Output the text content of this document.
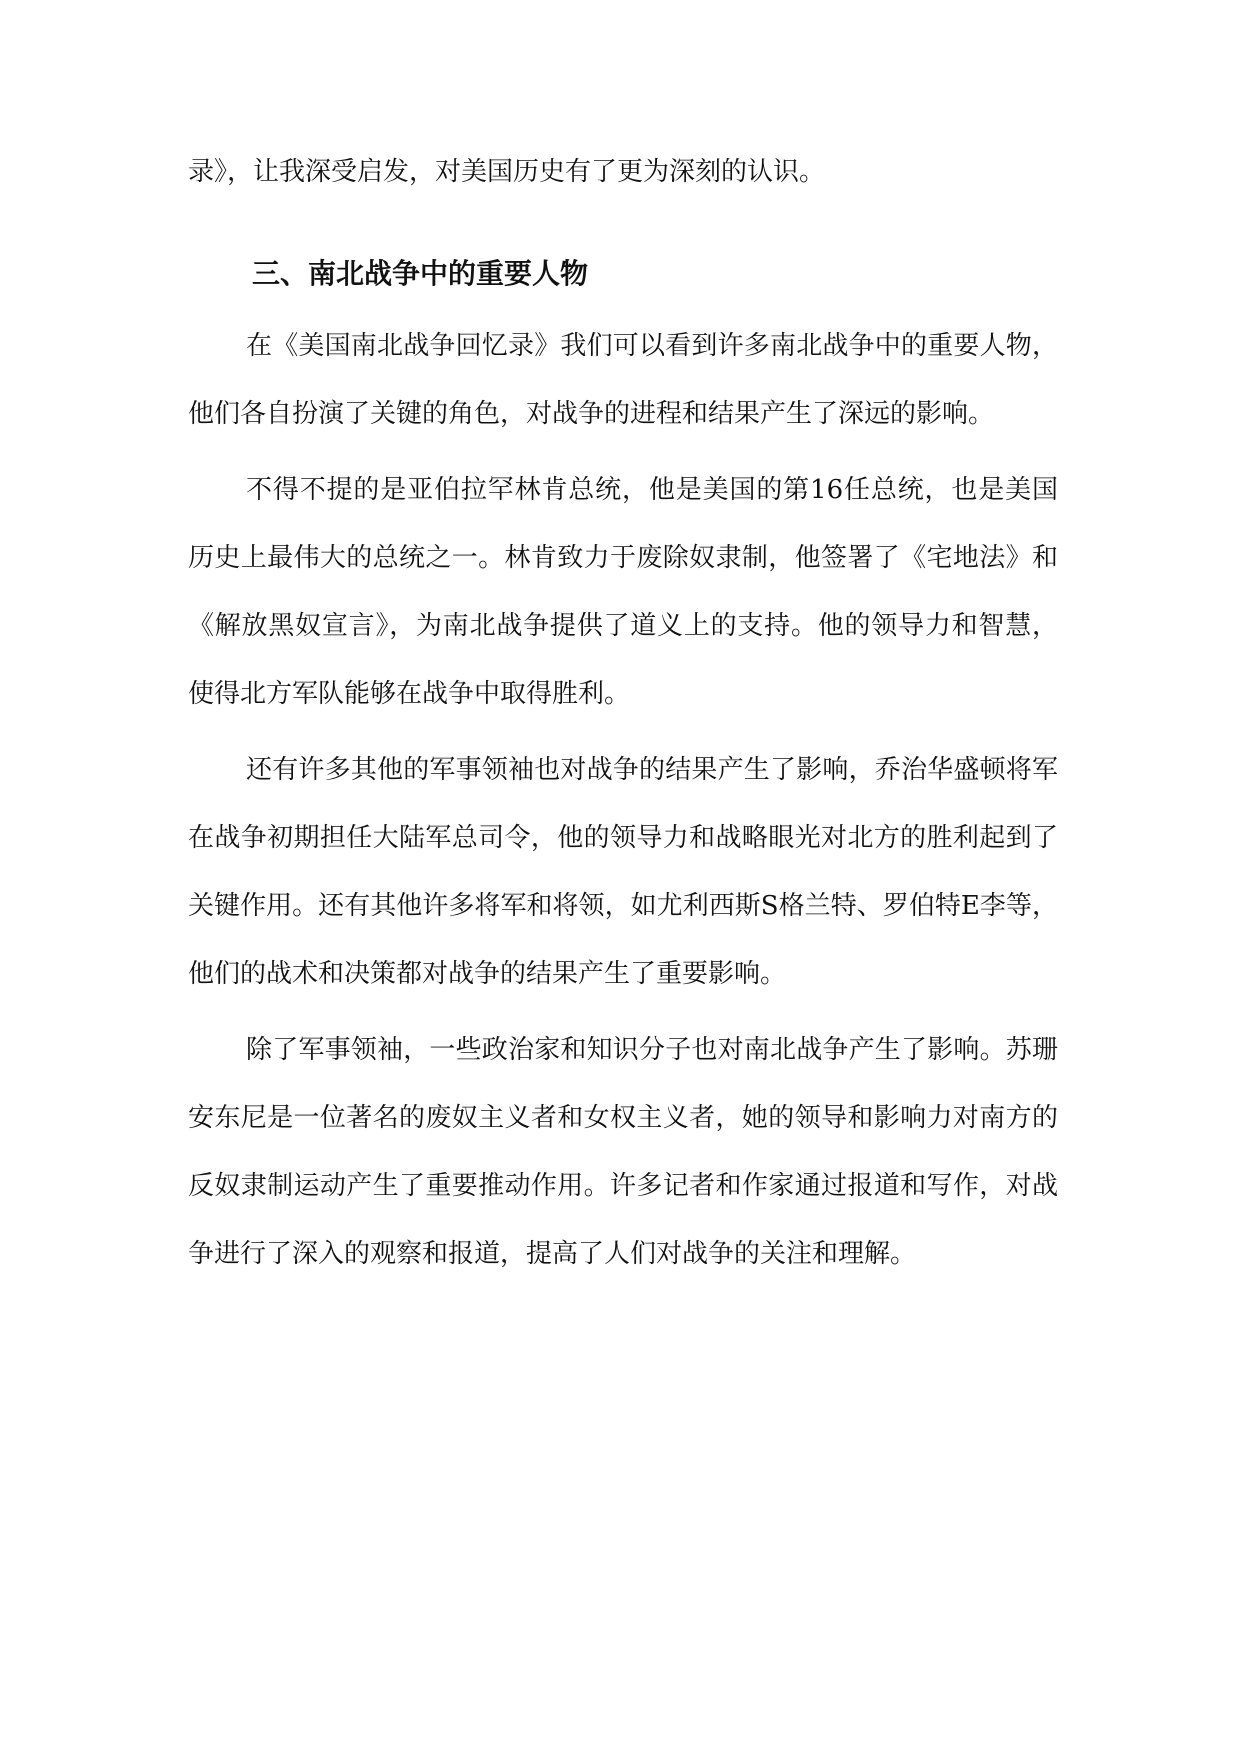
录》，让我深受启发，对美国历史有了更为深刻的认识。

三、南北战争中的重要人物

在《美国南北战争回忆录》我们可以看到许多南北战争中的重要人物，他们各自扮演了关键的角色，对战争的进程和结果产生了深远的影响。

不得不提的是亚伯拉罕林肯总统，他是美国的第16任总统，也是美国历史上最伟大的总统之一。林肯致力于废除奴隶制，他签署了《宅地法》和《解放黑奴宣言》，为南北战争提供了道义上的支持。他的领导力和智慧，使得北方军队能够在战争中取得胜利。

还有许多其他的军事领袖也对战争的结果产生了影响，乔治华盛顿将军在战争初期担任大陆军总司令，他的领导力和战略眼光对北方的胜利起到了关键作用。还有其他许多将军和将领，如尤利西斯S格兰特、罗伯特E李等，他们的战术和决策都对战争的结果产生了重要影响。

除了军事领袖，一些政治家和知识分子也对南北战争产生了影响。苏珊安东尼是一位著名的废奴主义者和女权主义者，她的领导和影响力对南方的反奴隶制运动产生了重要推动作用。许多记者和作家通过报道和写作，对战争进行了深入的观察和报道，提高了人们对战争的关注和理解。
